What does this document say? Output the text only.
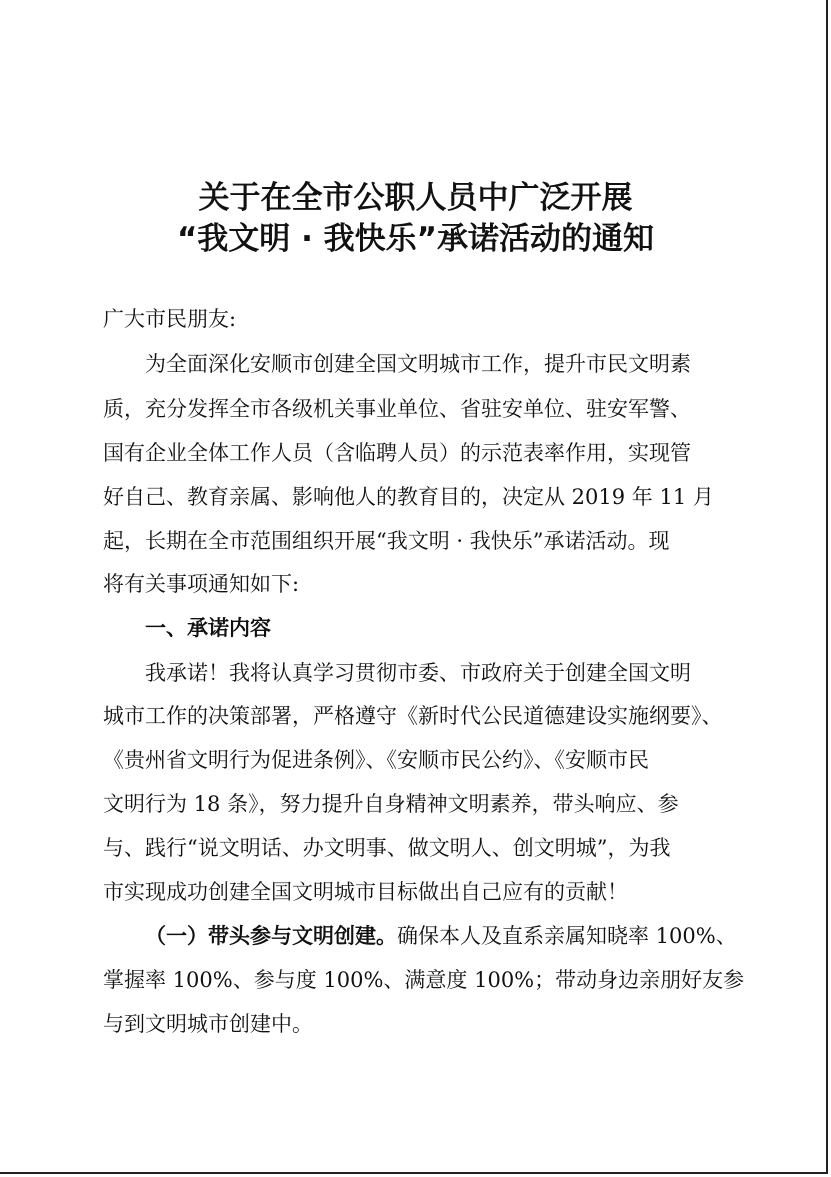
关于在全市公职人员中广泛开展
“我文明 · 我快乐”承诺活动的通知

广大市民朋友:

为全面深化安顺市创建全国文明城市工作，提升市民文明素

质，充分发挥全市各级机关事业单位、省驻安单位、驻安军警、

国有企业全体工作人员（含临聘人员）的示范表率作用，实现管

好自己、教育亲属、影响他人的教育目的，决定从 2019 年 11 月

起，长期在全市范围组织开展“我文明 · 我快乐”承诺活动。现

将有关事项通知如下:

一、承诺内容

我承诺！我将认真学习贯彻市委、市政府关于创建全国文明

城市工作的决策部署，严格遵守《新时代公民道德建设实施纲要》、

《贵州省文明行为促进条例》、《安顺市民公约》、《安顺市民

文明行为 18 条》，努力提升自身精神文明素养，带头响应、参

与、践行“说文明话、办文明事、做文明人、创文明城”，为我

市实现成功创建全国文明城市目标做出自己应有的贡献！

（一）带头参与文明创建。确保本人及直系亲属知晓率 100%、

掌握率 100%、参与度 100%、满意度 100%；带动身边亲朋好友参

与到文明城市创建中。
